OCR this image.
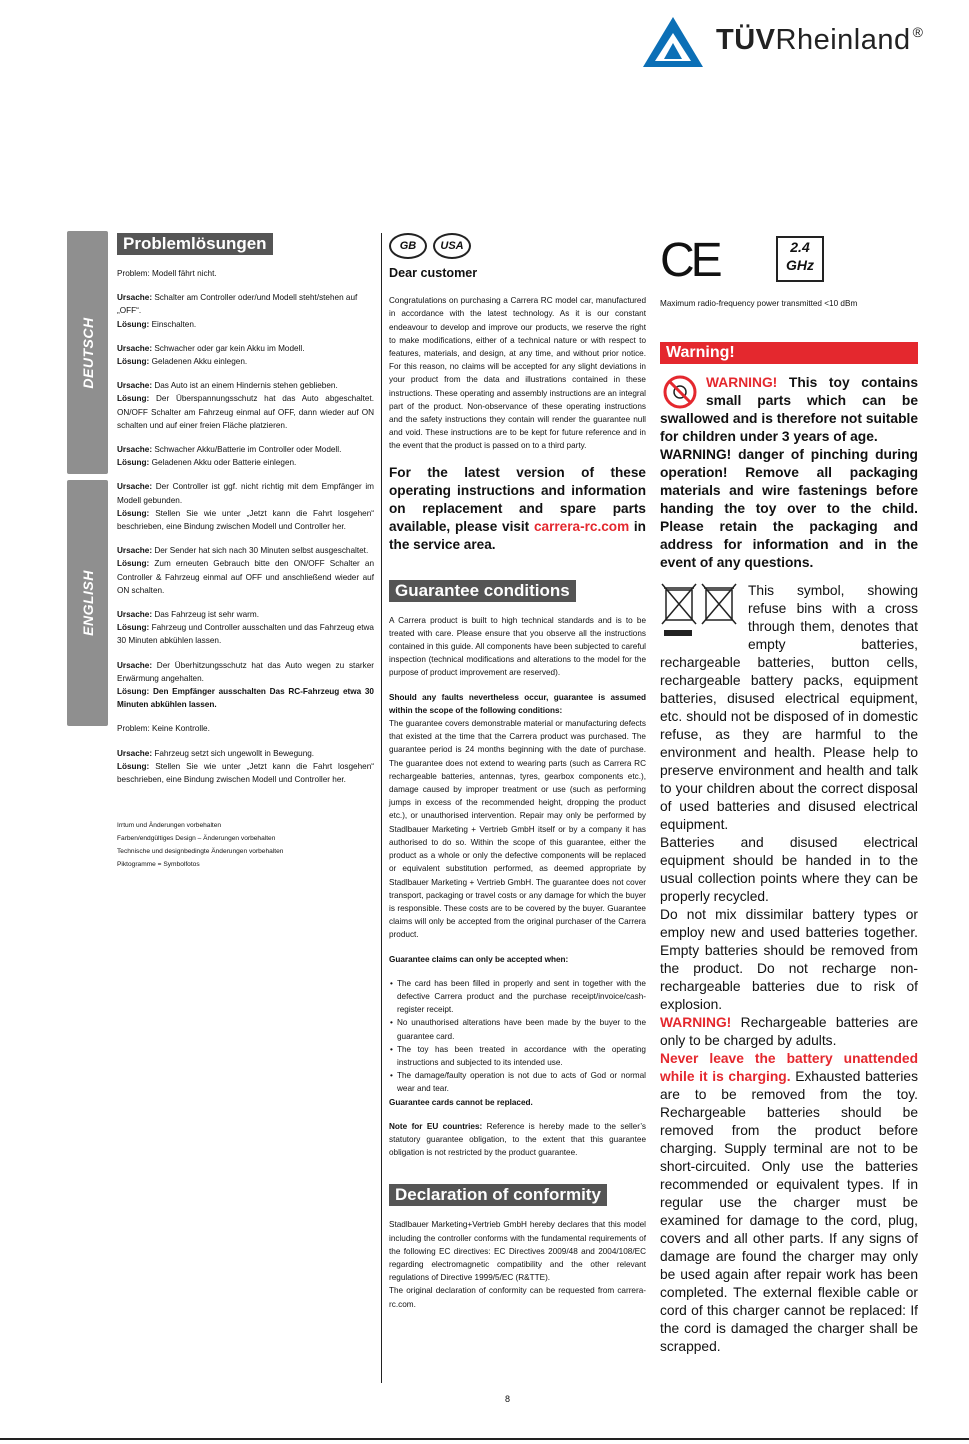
TÜVRheinland ®
DEUTSCH
ENGLISH
Problemlösungen

Problem: Modell fährt nicht.

Ursache: Schalter am Controller oder/und Modell steht/stehen auf „OFF“.
Lösung: Einschalten.

Ursache: Schwacher oder gar kein Akku im Modell.
Lösung: Geladenen Akku einlegen.

Ursache: Das Auto ist an einem Hindernis stehen geblieben.
Lösung: Der Überspannungsschutz hat das Auto abgeschaltet. ON/OFF Schalter am Fahrzeug einmal auf OFF, dann wieder auf ON schalten und auf einer freien Fläche platzieren.

Ursache: Schwacher Akku/Batterie im Controller oder Modell.
Lösung: Geladenen Akku oder Batterie einlegen.

Ursache: Der Controller ist ggf. nicht richtig mit dem Empfänger im Modell gebunden.
Lösung: Stellen Sie wie unter „Jetzt kann die Fahrt losgehen“ beschrieben, eine Bindung zwischen Modell und Controller her.

Ursache: Der Sender hat sich nach 30 Minuten selbst ausgeschaltet.
Lösung: Zum erneuten Gebrauch bitte den ON/OFF Schalter an Controller & Fahrzeug einmal auf OFF und anschließend wieder auf ON schalten.

Ursache: Das Fahrzeug ist sehr warm.
Lösung: Fahrzeug und Controller ausschalten und das Fahrzeug etwa 30 Minuten abkühlen lassen.

Ursache: Der Überhitzungsschutz hat das Auto wegen zu starker Erwärmung angehalten.
Lösung: Den Empfänger ausschalten Das RC-Fahrzeug etwa 30 Minuten abkühlen lassen.

Problem: Keine Kontrolle.

Ursache: Fahrzeug setzt sich ungewollt in Bewegung.
Lösung: Stellen Sie wie unter „Jetzt kann die Fahrt losgehen“ beschrieben, eine Bindung zwischen Modell und Controller her.

Irrtum und Änderungen vorbehalten
Farben/endgültiges Design – Änderungen vorbehalten
Technische und designbedingte Änderungen vorbehalten
Piktogramme = Symbolfotos
GB USA
Dear customer

Congratulations on purchasing a Carrera RC model car, manufactured in accordance with the latest technology. As it is our constant endeavour to develop and improve our products, we reserve the right to make modifications, either of a technical nature or with respect to features, materials, and design, at any time, and without prior notice. For this reason, no claims will be accepted for any slight deviations in your product from the data and illustrations contained in these instructions. These operating and assembly instructions are an integral part of the product. Non-observance of these operating instructions and the safety instructions they contain will render the guarantee null and void. These instructions are to be kept for future reference and in the event that the product is passed on to a third party.

For the latest version of these operating instructions and information on replacement and spare parts available, please visit carrera-rc.com in the service area.

Guarantee conditions

A Carrera product is built to high technical standards and is to be treated with care. Please ensure that you observe all the instructions contained in this guide. All components have been subjected to careful inspection (technical modifications and alterations to the model for the purpose of product improvement are reserved).

Should any faults nevertheless occur, guarantee is assumed within the scope of the following conditions:
The guarantee covers demonstrable material or manufacturing defects that existed at the time that the Carrera product was purchased. The guarantee period is 24 months beginning with the date of purchase. The guarantee does not extend to wearing parts (such as Carrera RC rechargeable batteries, antennas, tyres, gearbox components etc.), damage caused by improper treatment or use (such as performing jumps in excess of the recommended height, dropping the product etc.), or unauthorised intervention. Repair may only be performed by Stadlbauer Marketing + Vertrieb GmbH itself or by a company it has authorised to do so. Within the scope of this guarantee, either the product as a whole or only the defective components will be replaced or equivalent substitution performed, as deemed appropriate by Stadlbauer Marketing + Vertrieb GmbH. The guarantee does not cover transport, packaging or travel costs or any damage for which the buyer is responsible. These costs are to be covered by the buyer. Guarantee claims will only be accepted from the original purchaser of the Carrera product.

Guarantee claims can only be accepted when:

• The card has been filled in properly and sent in together with the defective Carrera product and the purchase receipt/invoice/cash-register receipt.
• No unauthorised alterations have been made by the buyer to the guarantee card.
• The toy has been treated in accordance with the operating instructions and subjected to its intended use.
• The damage/faulty operation is not due to acts of God or normal wear and tear.

Guarantee cards cannot be replaced.

Note for EU countries: Reference is hereby made to the seller’s statutory guarantee obligation, to the extent that this guarantee obligation is not restricted by the product guarantee.

Declaration of conformity

Stadlbauer Marketing+Vertrieb GmbH hereby declares that this model including the controller conforms with the fundamental requirements of the following EC directives: EC Directives 2009/48 and 2004/108/EC regarding electromagnetic compatibility and the other relevant regulations of Directive 1999/5/EC (R&TTE).

The original declaration of conformity can be requested from carrera-rc.com.

CE	2.4
GHz
Maximum radio-frequency power transmitted <10 dBm
Warning!
WARNING! This toy contains small parts which can be swallowed and is therefore not suitable for children under 3 years of age.
WARNING! danger of pinching during operation! Remove all packaging materials and wire fastenings before handing the toy over to the child. Please retain the packaging and address for information and in the event of any questions.
This symbol, showing refuse bins with a cross through them, denotes that empty batteries, rechargeable batteries, button cells, rechargeable battery packs, equipment batteries, disused electrical equipment, etc. should not be disposed of in domestic refuse, as they are harmful to the environment and health. Please help to preserve environment and health and talk to your children about the correct disposal of used batteries and disused electrical equipment.
Batteries and disused electrical equipment should be handed in to the usual collection points where they can be properly recycled.
Do not mix dissimilar battery types or employ new and used batteries together. Empty batteries should be removed from the product. Do not recharge non-rechargeable batteries due to risk of explosion.
WARNING! Rechargeable batteries are only to be charged by adults.
Never leave the battery unattended while it is charging. Exhausted batteries are to be removed from the toy. Rechargeable batteries should be removed from the product before charging. Supply terminal are not to be short-circuited. Only use the batteries recommended or equivalent types. If in regular use the charger must be examined for damage to the cord, plug, covers and all other parts. If any signs of damage are found the charger may only be used again after repair work has been completed. The external flexible cable or cord of this charger cannot be replaced: If the cord is damaged the charger shall be scrapped.
8
